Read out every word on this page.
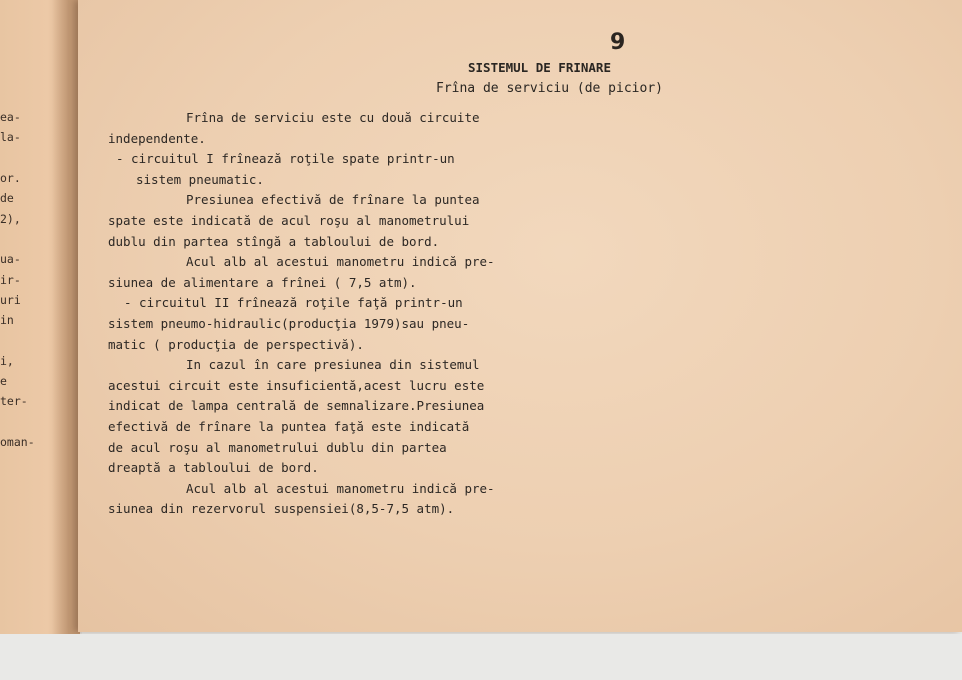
ea-
la-
or.
de
2),
ua-
ir-
uri
in
i,
e
ter-
oman-
9
SISTEMUL DE FRINARE
Frîna de serviciu (de picior)
Frîna de serviciu este cu două circuite
independente.
- circuitul I frînează roţile spate printr-un
sistem pneumatic.
Presiunea efectivă de frînare la puntea
spate este indicată de acul roşu al manometrului
dublu din partea stîngă a tabloului de bord.
Acul alb al acestui manometru indică pre-
siunea de alimentare a frînei ( 7,5 atm).
- circuitul II frînează roţile faţă printr-un
sistem pneumo-hidraulic(producţia 1979)sau pneu-
matic ( producţia de perspectivă).
In cazul în care presiunea din sistemul
acestui circuit este insuficientă,acest lucru este
indicat de lampa centrală de semnalizare.Presiunea
efectivă de frînare la puntea faţă este indicată
de acul roşu al manometrului dublu din partea
dreaptă a tabloului de bord.
Acul alb al acestui manometru indică pre-
siunea din rezervorul suspensiei(8,5-7,5 atm).
